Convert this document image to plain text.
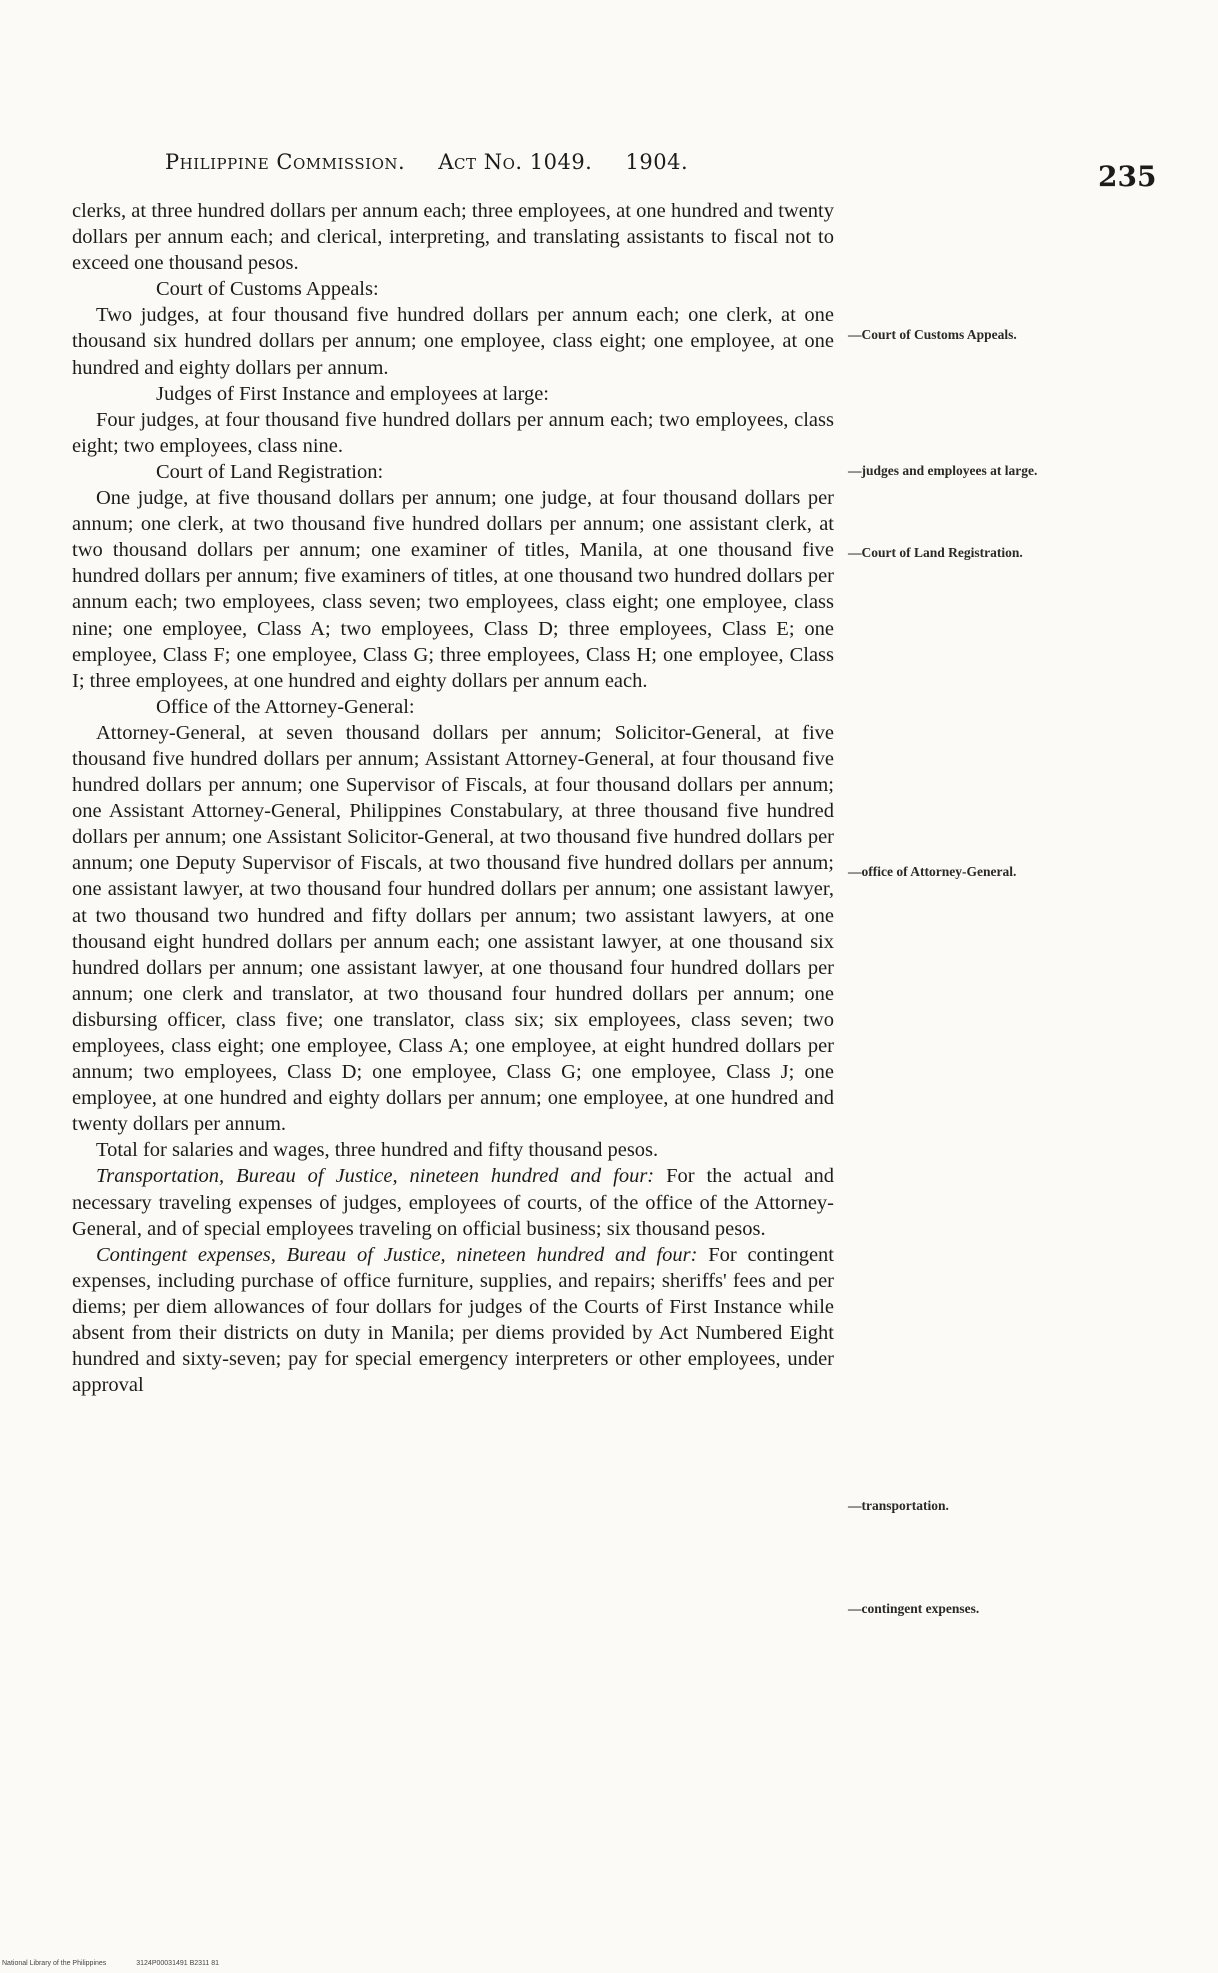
Philippine Commission. Act No. 1049. 1904.	235

clerks, at three hundred dollars per annum each; three employees, at one hundred and twenty dollars per annum each; and clerical, interpreting, and translating assistants to fiscal not to exceed one thousand pesos.

Court of Customs Appeals:

Two judges, at four thousand five hundred dollars per annum each; one clerk, at one thousand six hundred dollars per annum; one employee, class eight; one employee, at one hundred and eighty dollars per annum.

Judges of First Instance and employees at large:

Four judges, at four thousand five hundred dollars per annum each; two employees, class eight; two employees, class nine.

Court of Land Registration:

One judge, at five thousand dollars per annum; one judge, at four thousand dollars per annum; one clerk, at two thousand five hundred dollars per annum; one assistant clerk, at two thousand dollars per annum; one examiner of titles, Manila, at one thousand five hundred dollars per annum; five examiners of titles, at one thousand two hundred dollars per annum each; two employees, class seven; two employees, class eight; one employee, class nine; one employee, Class A; two employees, Class D; three employees, Class E; one employee, Class F; one employee, Class G; three employees, Class H; one employee, Class I; three employees, at one hundred and eighty dollars per annum each.

Office of the Attorney-General:

Attorney-General, at seven thousand dollars per annum; Solicitor-General, at five thousand five hundred dollars per annum; Assistant Attorney-General, at four thousand five hundred dollars per annum; one Supervisor of Fiscals, at four thousand dollars per annum; one Assistant Attorney-General, Philippines Constabulary, at three thousand five hundred dollars per annum; one Assistant Solicitor-General, at two thousand five hundred dollars per annum; one Deputy Supervisor of Fiscals, at two thousand five hundred dollars per annum; one assistant lawyer, at two thousand four hundred dollars per annum; one assistant lawyer, at two thousand two hundred and fifty dollars per annum; two assistant lawyers, at one thousand eight hundred dollars per annum each; one assistant lawyer, at one thousand six hundred dollars per annum; one assistant lawyer, at one thousand four hundred dollars per annum; one clerk and translator, at two thousand four hundred dollars per annum; one disbursing officer, class five; one translator, class six; six employees, class seven; two employees, class eight; one employee, Class A; one employee, at eight hundred dollars per annum; two employees, Class D; one employee, Class G; one employee, Class J; one employee, at one hundred and eighty dollars per annum; one employee, at one hundred and twenty dollars per annum.

Total for salaries and wages, three hundred and fifty thousand pesos.

Transportation, Bureau of Justice, nineteen hundred and four: For the actual and necessary traveling expenses of judges, employees of courts, of the office of the Attorney-General, and of special employees traveling on official business; six thousand pesos.

Contingent expenses, Bureau of Justice, nineteen hundred and four: For contingent expenses, including purchase of office furniture, supplies, and repairs; sheriffs' fees and per diems; per diem allowances of four dollars for judges of the Courts of First Instance while absent from their districts on duty in Manila; per diems provided by Act Numbered Eight hundred and sixty-seven; pay for special emergency interpreters or other employees, under approval

—Court of Customs Appeals.
—judges and employees at large.
—Court of Land Registration.
—office of Attorney-General.
—transportation.
—contingent expenses.
National Library of the Philippines	3124P00031491 B2311 81
